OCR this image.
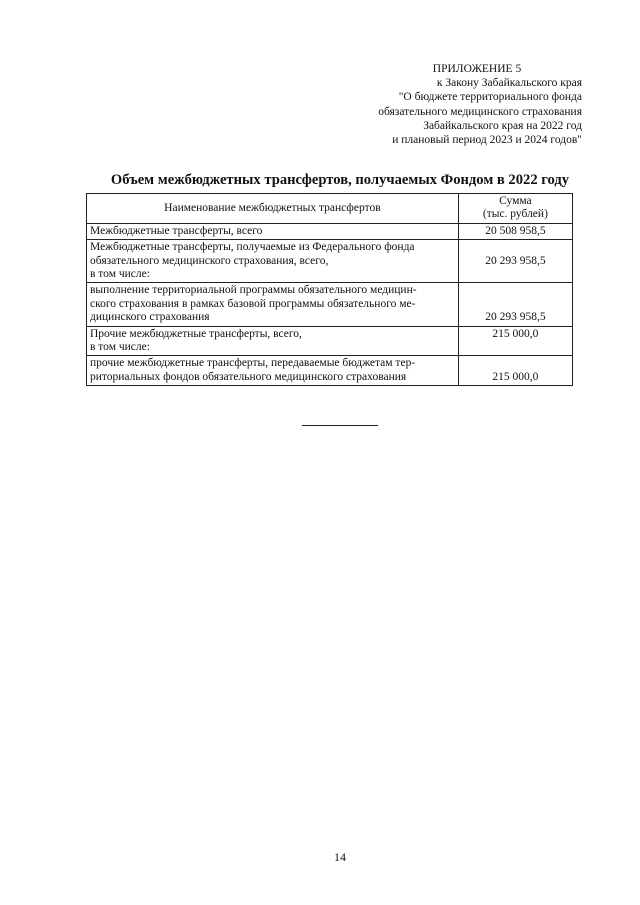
ПРИЛОЖЕНИЕ 5
к Закону Забайкальского края
"О бюджете территориального фонда
обязательного медицинского страхования
Забайкальского края на 2022 год
и плановый период 2023 и 2024 годов"
Объем межбюджетных трансфертов, получаемых Фондом в 2022 году
Наименование межбюджетных трансфертов	Сумма
(тыс. рублей)

Межбюджетные трансферты, всего	20 508 958,5

Межбюджетные трансферты, получаемые из Федерального фонда
обязательного медицинского страхования, всего,
в том числе:	20 293 958,5

выполнение территориальной программы обязательного медицин-
ского страхования в рамках базовой программы обязательного ме-
дицинского страхования	20 293 958,5

Прочие межбюджетные трансферты, всего,
в том числе:	215 000,0

прочие межбюджетные трансферты, передаваемые бюджетам тер-
риториальных фондов обязательного медицинского страхования	215 000,0
14
